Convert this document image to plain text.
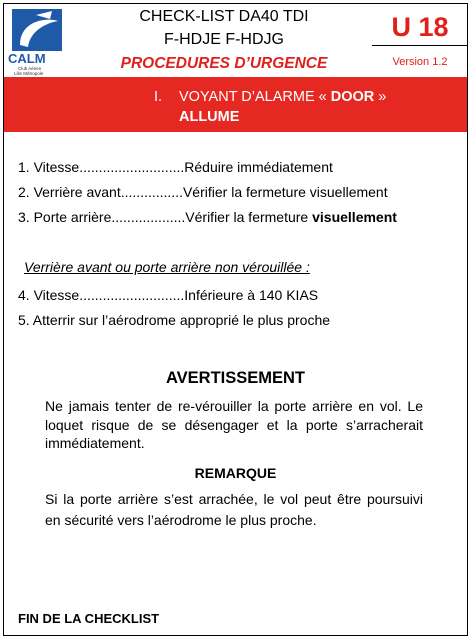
CALM
Club Aérien
Lille Métropole
CHECK-LIST DA40 TDI
F-HDJE F-HDJG
PROCEDURES D’URGENCE
U 18
Version 1.2
I. VOYANT D’ALARME « DOOR »
ALLUME
1. Vitesse...........................Réduire immédiatement
2. Verrière avant................Vérifier la fermeture visuellement
3. Porte arrière...................Vérifier la fermeture visuellement
Verrière avant ou porte arrière non vérouillée :
4. Vitesse...........................Inférieure à 140 KIAS
5. Atterrir sur l’aérodrome approprié le plus proche
AVERTISSEMENT
Ne jamais tenter de re-vérouiller la porte arrière en vol. Le loquet risque de se désengager et la porte s’arracherait immédiatement.
REMARQUE
Si la porte arrière s’est arrachée, le vol peut être poursuivi en sécurité vers l’aérodrome le plus proche.
FIN DE LA CHECKLIST
